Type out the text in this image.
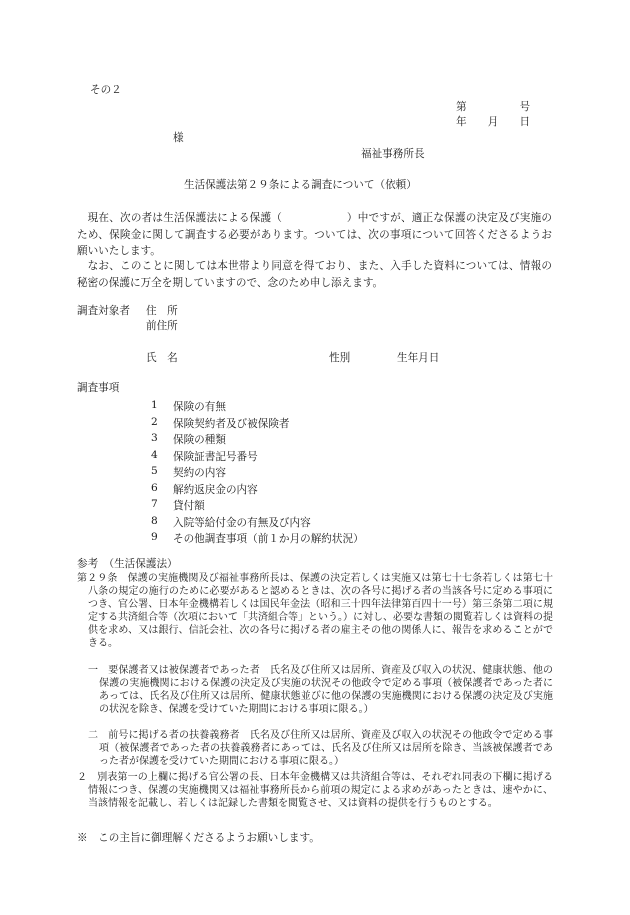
その２
第　　　　　号
年　　月　　日
様
福祉事務所長
生活保護法第２９条による調査について（依頼）
現在、次の者は生活保護法による保護（　　　　　　）中ですが、適正な保護の決定及び実施のため、保険金に関して調査する必要があります。ついては、次の事項について回答くださるようお願いいたします。
なお、このことに関しては本世帯より同意を得ており、また、入手した資料については、情報の秘密の保護に万全を期していますので、念のため申し添えます。
調査対象者 住　所
前住所
氏　名	性別	生年月日
調査事項
1 保険の有無
2 保険契約者及び被保険者
3 保険の種類
4 保険証書記号番号
5 契約の内容
6 解約返戻金の内容
7 貸付額
8 入院等給付金の有無及び内容
9 その他調査事項（前１か月の解約状況）
参考　（生活保護法）
第２９条　保護の実施機関及び福祉事務所長は、保護の決定若しくは実施又は第七十七条若しくは第七十八条の規定の施行のために必要があると認めるときは、次の各号に掲げる者の当該各号に定める事項につき、官公署、日本年金機構若しくは国民年金法（昭和三十四年法律第百四十一号）第三条第二項に規定する共済組合等（次項において「共済組合等」という。）に対し、必要な書類の閲覧若しくは資料の提供を求め、又は銀行、信託会社、次の各号に掲げる者の雇主その他の関係人に、報告を求めることができる。
一　要保護者又は被保護者であった者　氏名及び住所又は居所、資産及び収入の状況、健康状態、他の保護の実施機関における保護の決定及び実施の状況その他政令で定める事項（被保護者であった者にあっては、氏名及び住所又は居所、健康状態並びに他の保護の実施機関における保護の決定及び実施の状況を除き、保護を受けていた期間における事項に限る。）
二　前号に掲げる者の扶養義務者　氏名及び住所又は居所、資産及び収入の状況その他政令で定める事項（被保護者であった者の扶養義務者にあっては、氏名及び住所又は居所を除き、当該被保護者であった者が保護を受けていた期間における事項に限る。）
２　別表第一の上欄に掲げる官公署の長、日本年金機構又は共済組合等は、それぞれ同表の下欄に掲げる情報につき、保護の実施機関又は福祉事務所長から前項の規定による求めがあったときは、速やかに、当該情報を記載し、若しくは記録した書類を閲覧させ、又は資料の提供を行うものとする。
※　この主旨に御理解くださるようお願いします。
